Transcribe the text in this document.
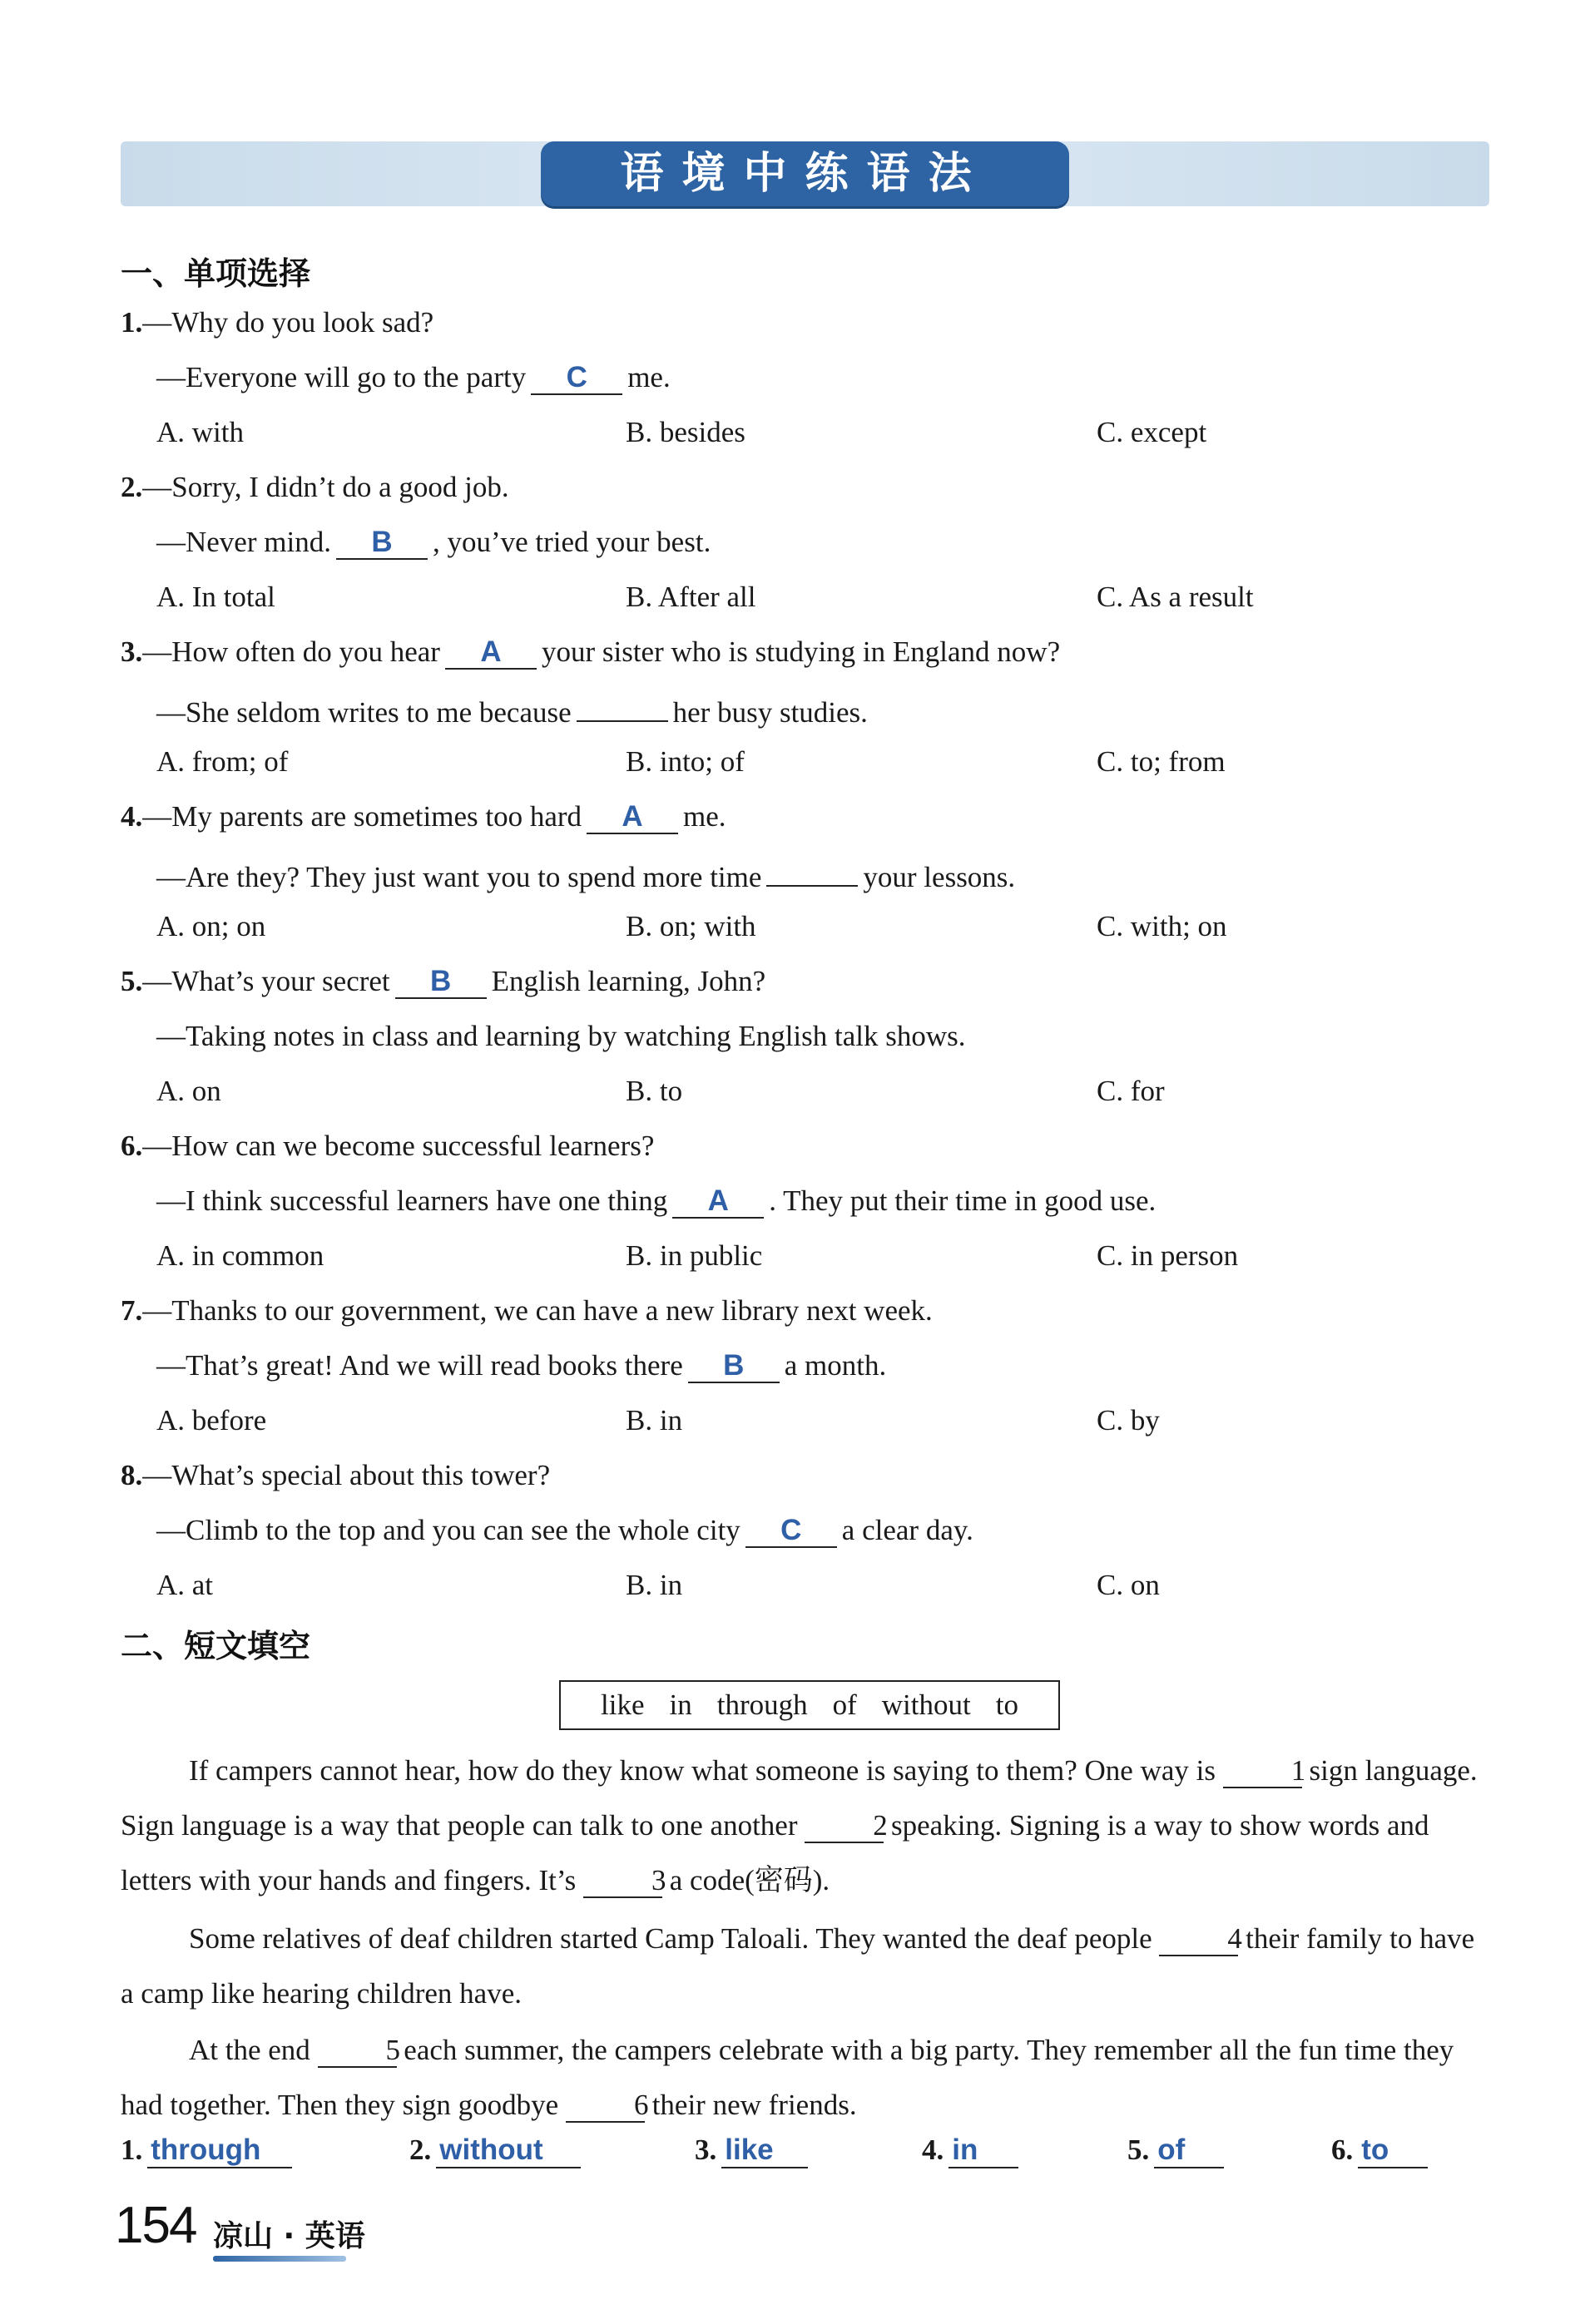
语境中练语法
一、单项选择
1.—Why do you look sad?
—Everyone will go to the party C me.
A. with	B. besides	C. except
2.—Sorry, I didn’t do a good job.
—Never mind. B , you’ve tried your best.
A. In total	B. After all	C. As a result
3.—How often do you hear A your sister who is studying in England now?
—She seldom writes to me because	her busy studies.
A. from; of	B. into; of	C. to; from
4.—My parents are sometimes too hard A me.
—Are they? They just want you to spend more time	your lessons.
A. on; on	B. on; with	C. with; on
5.—What’s your secret B English learning, John?
—Taking notes in class and learning by watching English talk shows.
A. on	B. to	C. for
6.—How can we become successful learners?
—I think successful learners have one thing A . They put their time in good use.
A. in common	B. in public	C. in person
7.—Thanks to our government, we can have a new library next week.
—That’s great! And we will read books there B a month.
A. before	B. in	C. by
8.—What’s special about this tower?
—Climb to the top and you can see the whole city C a clear day.
A. at	B. in	C. on
二、短文填空
like in through of without to
If campers cannot hear, how do they know what someone is saying to them? One way is	1 sign language. Sign language is a way that people can talk to one another	2 speaking. Signing is a way to show words and letters with your hands and fingers. It’s	3 a code(密码).
Some relatives of deaf children started Camp Taloali. They wanted the deaf people	4 their family to have a camp like hearing children have.
At the end	5 each summer, the campers celebrate with a big party. They remember all the fun time they had together. Then they sign goodbye	6 their new friends.
1. through	2. without	3. like	4. in	5. of	6. to
154 凉山 · 英语
